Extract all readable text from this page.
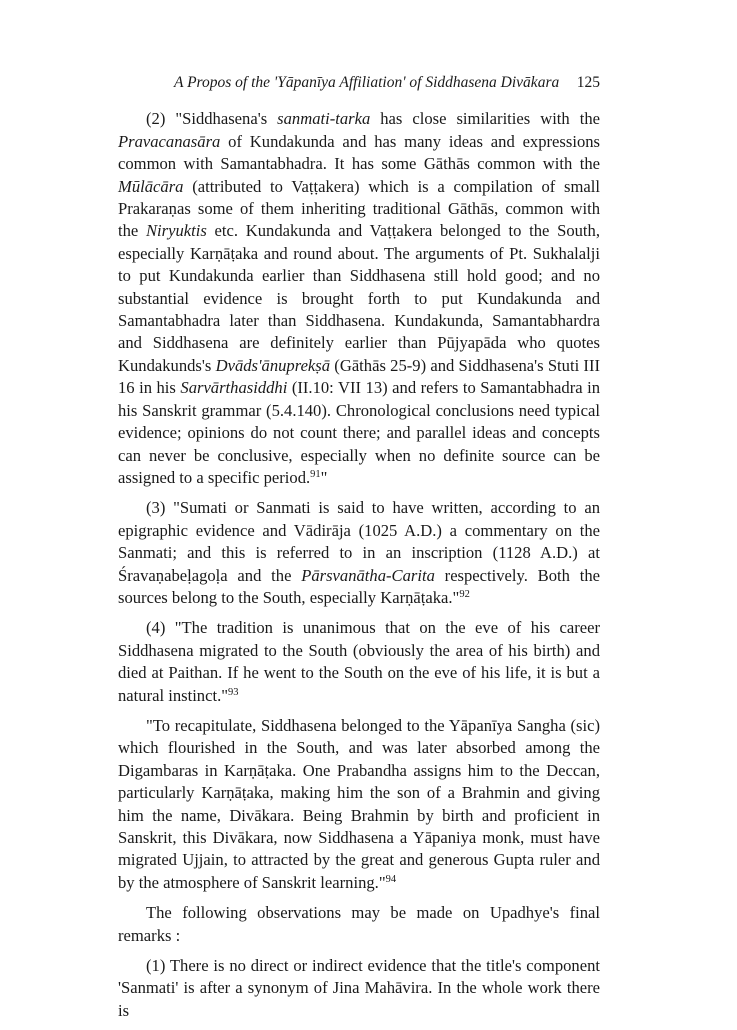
A Propos of the 'Yāpanīya Affiliation' of Siddhasena Divākara 125

(2) "Siddhasena's sanmati-tarka has close similarities with the Pravacanasāra of Kundakunda and has many ideas and expressions common with Samantabhadra. It has some Gāthās common with the Mūlācāra (attributed to Vaṭṭakera) which is a compilation of small Prakaraṇas some of them inheriting traditional Gāthās, common with the Niryuktis etc. Kundakunda and Vaṭṭakera belonged to the South, especially Karṇāṭaka and round about. The arguments of Pt. Sukhalalji to put Kundakunda earlier than Siddhasena still hold good; and no substantial evidence is brought forth to put Kundakunda and Samantabhadra later than Siddhasena. Kundakunda, Samantabhardra and Siddhasena are definitely earlier than Pūjyapāda who quotes Kundakunds's Dvāds'ānuprekṣā (Gāthās 25-9) and Siddhasena's Stuti III 16 in his Sarvārthasiddhi (II.10: VII 13) and refers to Samantabhadra in his Sanskrit grammar (5.4.140). Chronological conclusions need typical evidence; opinions do not count there; and parallel ideas and concepts can never be conclusive, especially when no definite source can be assigned to a specific period.$^{91}$"

(3) "Sumati or Sanmati is said to have written, according to an epigraphic evidence and Vādirāja (1025 A.D.) a commentary on the Sanmati; and this is referred to in an inscription (1128 A.D.) at Śravaṇabeḷagoḷa and the Pārsvanātha-Carita respectively. Both the sources belong to the South, especially Karṇāṭaka."$^{92}$

(4) "The tradition is unanimous that on the eve of his career Siddhasena migrated to the South (obviously the area of his birth) and died at Paithan. If he went to the South on the eve of his life, it is but a natural instinct."$^{93}$

"To recapitulate, Siddhasena belonged to the Yāpanīya Sangha (sic) which flourished in the South, and was later absorbed among the Digambaras in Karṇāṭaka. One Prabandha assigns him to the Deccan, particularly Karṇāṭaka, making him the son of a Brahmin and giving him the name, Divākara. Being Brahmin by birth and proficient in Sanskrit, this Divākara, now Siddhasena a Yāpaniya monk, must have migrated Ujjain, to attracted by the great and generous Gupta ruler and by the atmosphere of Sanskrit learning."$^{94}$

The following observations may be made on Upadhye's final remarks :

(1) There is no direct or indirect evidence that the title's component 'Sanmati' is after a synonym of Jina Mahāvira. In the whole work there is
